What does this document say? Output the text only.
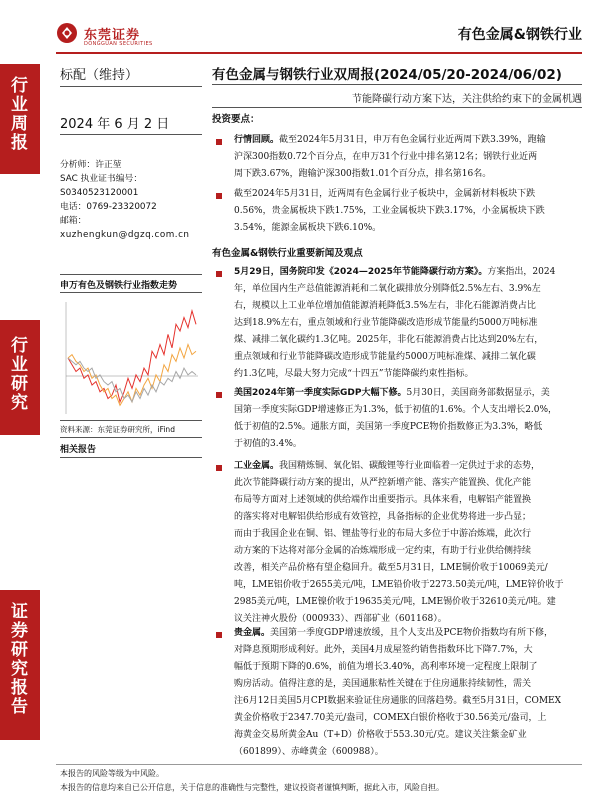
东莞证券
DONGGUAN SECURITIES
有色金属&钢铁行业
行业周报
行业研究
证券研究报告
标配（维持）
2024 年 6 月 2 日
分析师：许正堃
SAC 执业证书编号：
S0340523120001
电话：0769-23320072
邮箱：
xuzhengkun@dgzq.com.cn
申万有色及钢铁行业指数走势
资料来源：东莞证券研究所，iFind
相关报告
有色金属与钢铁行业双周报(2024/05/20-2024/06/02)
节能降碳行动方案下达，关注供给约束下的金属机遇
投资要点：
行情回顾。截至2024年5月31日，申万有色金属行业近两周下跌3.39%，跑输
沪深300指数0.72个百分点，在申万31个行业中排名第12名；钢铁行业近两
周下跌3.67%，跑输沪深300指数1.01个百分点，排名第16名。
截至2024年5月31日，近两周有色金属行业子板块中，金属新材料板块下跌
0.56%，贵金属板块下跌1.75%，工业金属板块下跌3.17%，小金属板块下跌
3.54%，能源金属板块下跌6.10%。
有色金属&钢铁行业重要新闻及观点
5月29日，国务院印发《2024—2025年节能降碳行动方案》。方案指出，2024
年，单位国内生产总值能源消耗和二氧化碳排放分别降低2.5%左右、3.9%左
右，规模以上工业单位增加值能源消耗降低3.5%左右，非化石能源消费占比
达到18.9%左右，重点领域和行业节能降碳改造形成节能量约5000万吨标准
煤、减排二氧化碳约1.3亿吨。2025年，非化石能源消费占比达到20%左右，
重点领域和行业节能降碳改造形成节能量约5000万吨标准煤、减排二氧化碳
约1.3亿吨，尽最大努力完成“十四五”节能降碳约束性指标。
美国2024年第一季度实际GDP大幅下修。5月30日，美国商务部数据显示，美
国第一季度实际GDP增速修正为1.3%，低于初值的1.6%。个人支出增长2.0%，
低于初值的2.5%。通胀方面，美国第一季度PCE物价指数修正为3.3%，略低
于初值的3.4%。
工业金属。我国精炼铜、氧化铝、碳酸锂等行业面临着一定供过于求的态势，
此次节能降碳行动方案的提出，从严控新增产能、落实产能置换、优化产能
布局等方面对上述领域的供给端作出重要指示。具体来看，电解铝产能置换
的落实将对电解铝供给形成有效管控，具备指标的企业优势将进一步凸显；
而由于我国企业在铜、铝、锂盐等行业的布局大多位于中游冶炼端，此次行
动方案的下达将对部分金属的冶炼端形成一定约束，有助于行业供给侧持续
改善，相关产品价格有望企稳回升。截至5月31日，LME铜价收于10069美元/
吨，LME铝价收于2655美元/吨，LME铅价收于2273.50美元/吨，LME锌价收于
2985美元/吨，LME镍价收于19635美元/吨，LME锡价收于32610美元/吨。建
议关注神火股份（000933）、西部矿业（601168）。
贵金属。美国第一季度GDP增速放缓，且个人支出及PCE物价指数均有所下修，
对降息预期形成利好。此外，美国4月成屋签约销售指数环比下降7.7%，大
幅低于预期下降的0.6%，前值为增长3.40%，高利率环境一定程度上限制了
购房活动。值得注意的是，美国通胀粘性关键在于住房通胀持续韧性，需关
注6月12日美国5月CPI数据来验证住房通胀的回落趋势。截至5月31日，COMEX
黄金价格收于2347.70美元/盎司，COMEX白银价格收于30.56美元/盎司，上
海黄金交易所黄金Au（T+D）价格收于553.30元/克。建议关注紫金矿业
（601899）、赤峰黄金（600988）。
本报告的风险等级为中风险。
本报告的信息均来自已公开信息，关于信息的准确性与完整性，建议投资者谨慎判断，据此入市，风险自担。
